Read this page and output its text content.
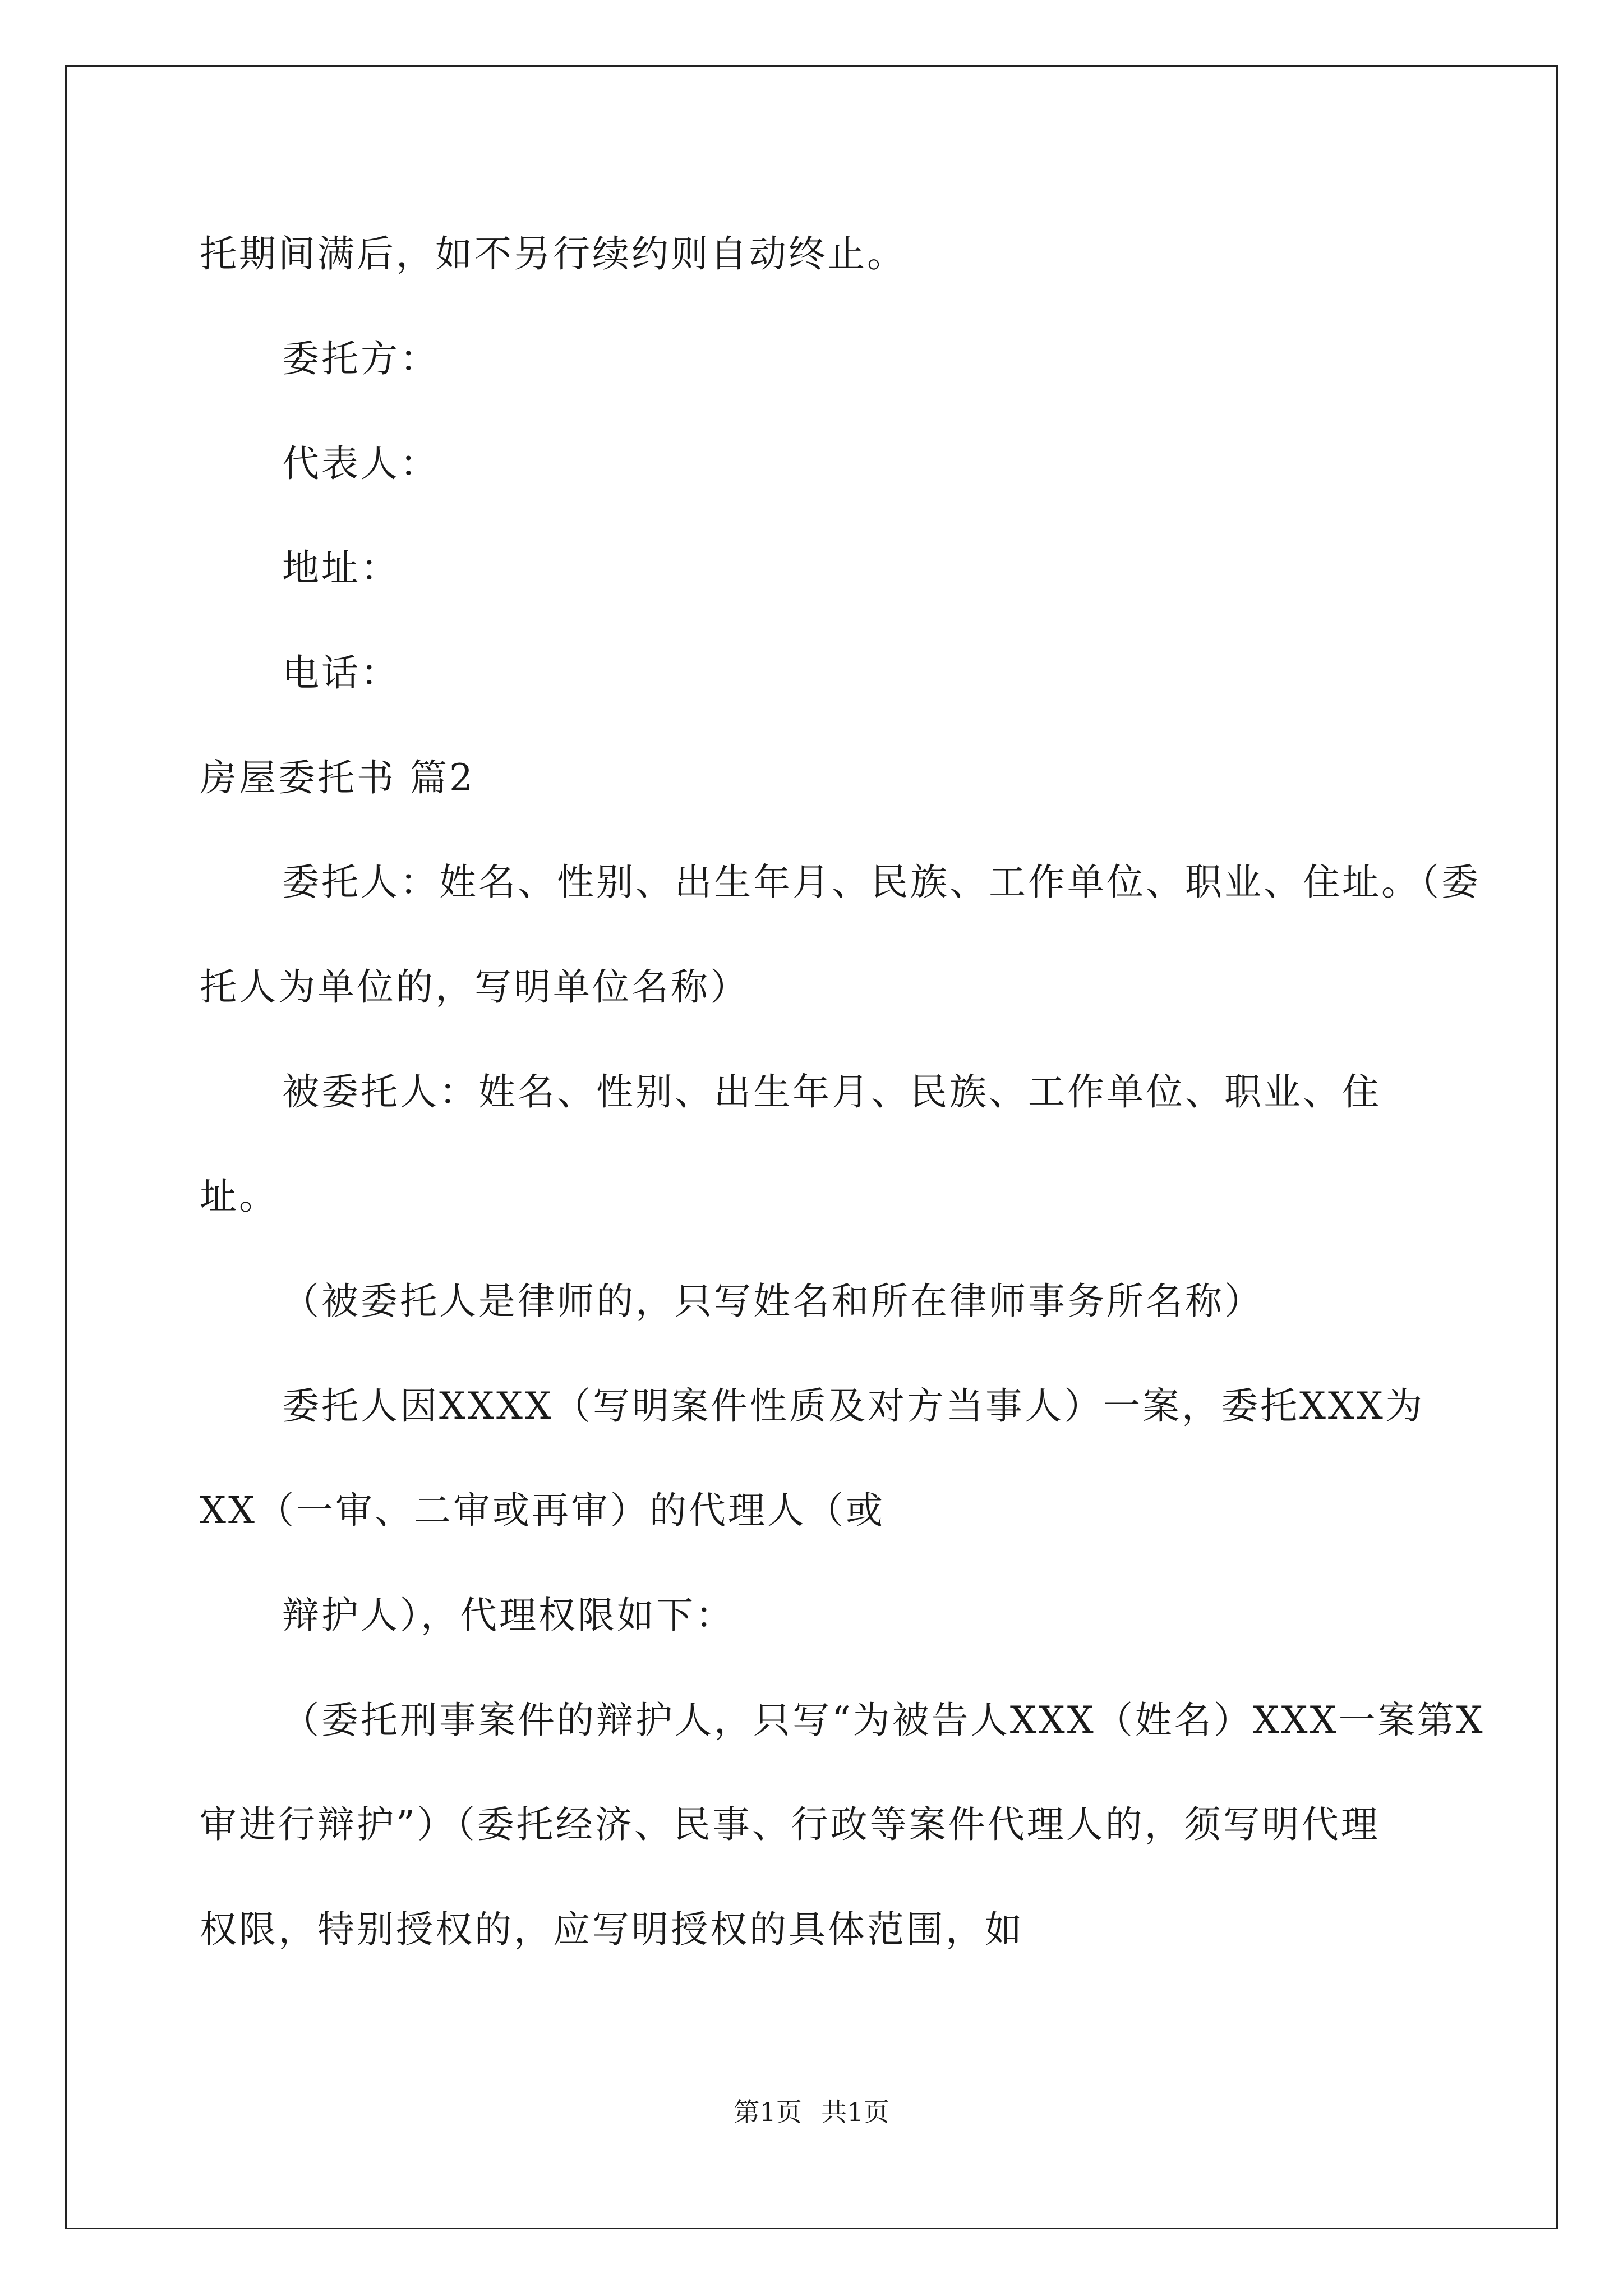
托期间满后，如不另行续约则自动终止。
委托方：
代表人：
地址：
电话：
房屋委托书 篇2
委托人：姓名、性别、出生年月、民族、工作单位、职业、住址。（委
托人为单位的，写明单位名称）
被委托人：姓名、性别、出生年月、民族、工作单位、职业、住
址。
（被委托人是律师的，只写姓名和所在律师事务所名称）
委托人因XXXX（写明案件性质及对方当事人）一案，委托XXX为
XX（一审、二审或再审）的代理人（或
辩护人），代理权限如下：
（委托刑事案件的辩护人，只写“为被告人XXX（姓名）XXX一案第X
审进行辩护”）（委托经济、民事、行政等案件代理人的，须写明代理
权限，特别授权的，应写明授权的具体范围，如
第1页 共1页
